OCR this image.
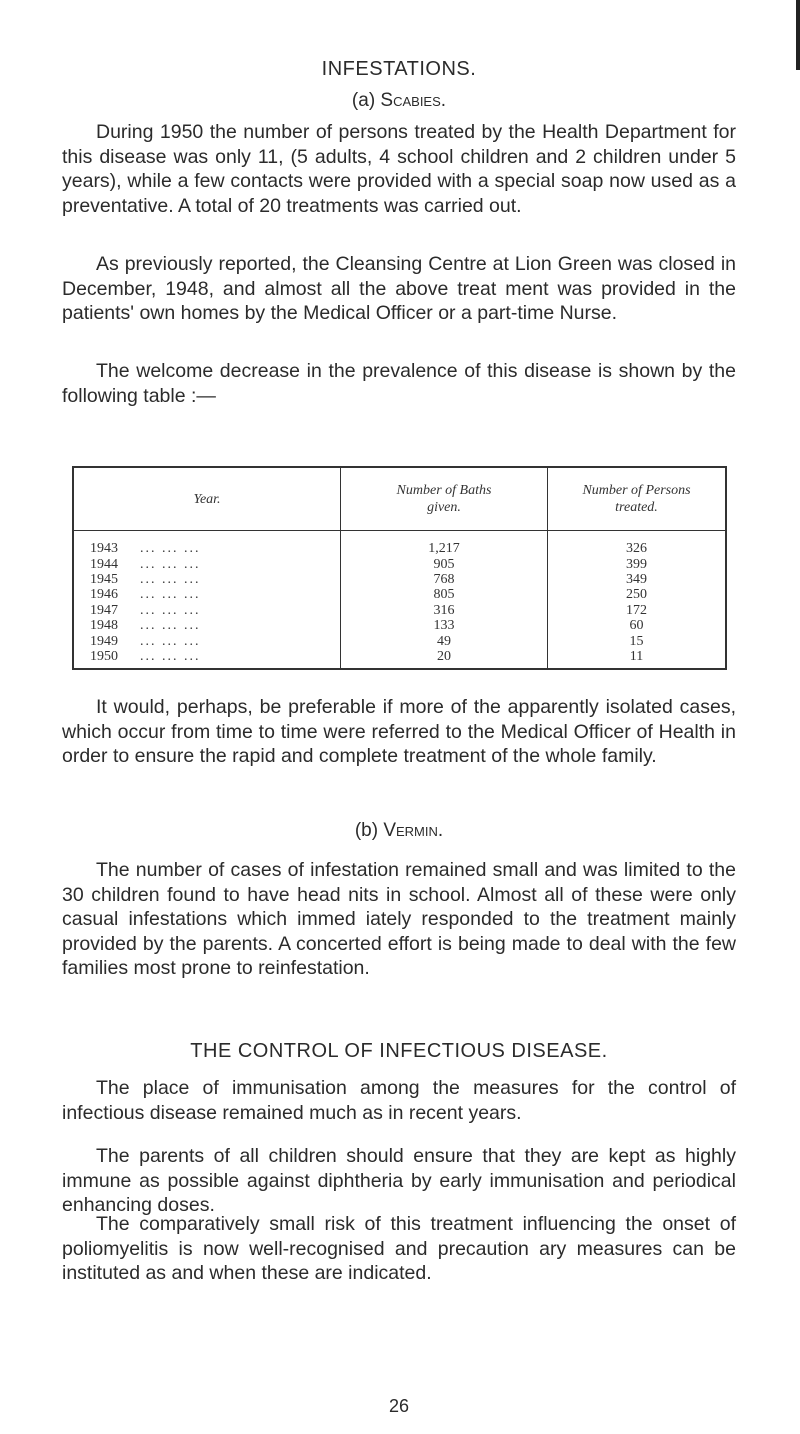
INFESTATIONS.
(a) Scabies.

During 1950 the number of persons treated by the Health Department for this disease was only 11, (5 adults, 4 school children and 2 children under 5 years), while a few contacts were provided with a special soap now used as a preventative. A total of 20 treatments was carried out.

As previously reported, the Cleansing Centre at Lion Green was closed in December, 1948, and almost all the above treat ment was provided in the patients' own homes by the Medical Officer or a part-time Nurse.

The welcome decrease in the prevalence of this disease is shown by the following table :—

Year.	Number of Baths given.	Number of Persons treated.
1943 ... ... ...	1,217	326
1944 ... ... ...	905	399
1945 ... ... ...	768	349
1946 ... ... ...	805	250
1947 ... ... ...	316	172
1948 ... ... ...	133	60
1949 ... ... ...	49	15
1950 ... ... ...	20	11

It would, perhaps, be preferable if more of the apparently isolated cases, which occur from time to time were referred to the Medical Officer of Health in order to ensure the rapid and complete treatment of the whole family.

(b) Vermin.

The number of cases of infestation remained small and was limited to the 30 children found to have head nits in school. Almost all of these were only casual infestations which immed iately responded to the treatment mainly provided by the parents. A concerted effort is being made to deal with the few families most prone to reinfestation.

THE CONTROL OF INFECTIOUS DISEASE.

The place of immunisation among the measures for the control of infectious disease remained much as in recent years.

The parents of all children should ensure that they are kept as highly immune as possible against diphtheria by early immunisation and periodical enhancing doses.

The comparatively small risk of this treatment influencing the onset of poliomyelitis is now well-recognised and precaution ary measures can be instituted as and when these are indicated.

26
